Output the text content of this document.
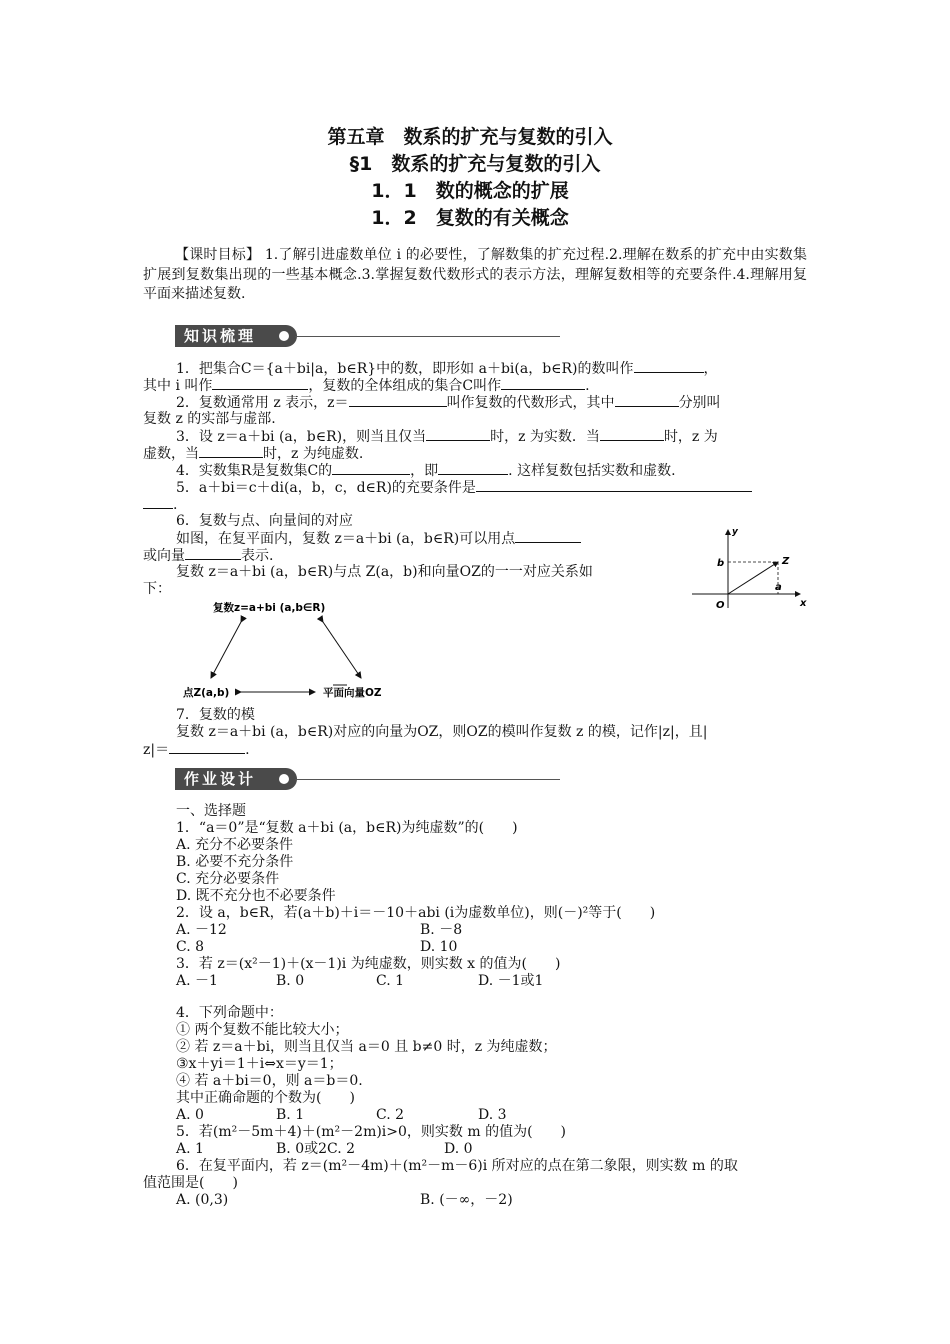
第五章　数系的扩充与复数的引入
§1　数系的扩充与复数的引入
1．1　数的概念的扩展
1．2　复数的有关概念
【课时目标】 1.了解引进虚数单位 i 的必要性，了解数集的扩充过程.2.理解在数系的扩充中由实数集扩展到复数集出现的一些基本概念.3.掌握复数代数形式的表示方法，理解复数相等的充要条件.4.理解用复平面来描述复数.
知识梳理
1．把集合C＝{a＋bi|a，b∈R}中的数，即形如 a＋bi(a，b∈R)的数叫作	，
其中 i 叫作	，复数的全体组成的集合C叫作	.
2．复数通常用 z 表示，z＝	叫作复数的代数形式，其中	分别叫
复数 z 的实部与虚部.
3．设 z＝a＋bi (a，b∈R)，则当且仅当	时，z 为实数．当	时，z 为
虚数，当	时，z 为纯虚数.
4．实数集R是复数集C的	，即	. 这样复数包括实数和虚数.
5．a＋bi＝c＋di(a，b，c，d∈R)的充要条件是
.
6．复数与点、向量间的对应
如图，在复平面内，复数 z＝a＋bi (a，b∈R)可以用点
或向量	表示.
复数 z＝a＋bi (a，b∈R)与点 Z(a，b)和向量OZ的一一对应关系如
下：
y
x
O
b
a
Z
复数z=a+bi (a,b∈R)
点Z(a,b)	平面向量OZ
7．复数的模
复数 z＝a＋bi (a，b∈R)对应的向量为OZ，则OZ的模叫作复数 z 的模，记作|z|，且|
z|＝	.
作业设计
一、选择题
1．“a＝0”是“复数 a＋bi (a，b∈R)为纯虚数”的(　　)
A. 充分不必要条件
B. 必要不充分条件
C. 充分必要条件
D. 既不充分也不必要条件
2．设 a，b∈R，若(a＋b)＋i＝－10＋abi (i为虚数单位)，则(－)²等于(　　)
A. －12	B. －8
C. 8	D. 10
3．若 z＝(x²－1)＋(x－1)i 为纯虚数，则实数 x 的值为(　　)
A. －1	B. 0	C. 1	D. －1或1
4．下列命题中：
① 两个复数不能比较大小；
② 若 z＝a＋bi，则当且仅当 a＝0 且 b≠0 时，z 为纯虚数；
③x＋yi＝1＋i⇔x＝y＝1；
④ 若 a＋bi＝0，则 a＝b＝0.
其中正确命题的个数为(　　)
A. 0	B. 1	C. 2	D. 3
5．若(m²－5m＋4)＋(m²－2m)i>0，则实数 m 的值为(　　)
A. 1	B. 0或2C. 2	D. 0
6．在复平面内，若 z＝(m²－4m)＋(m²－m－6)i 所对应的点在第二象限，则实数 m 的取
值范围是(　　)
A. (0,3)	B. (－∞，－2)
